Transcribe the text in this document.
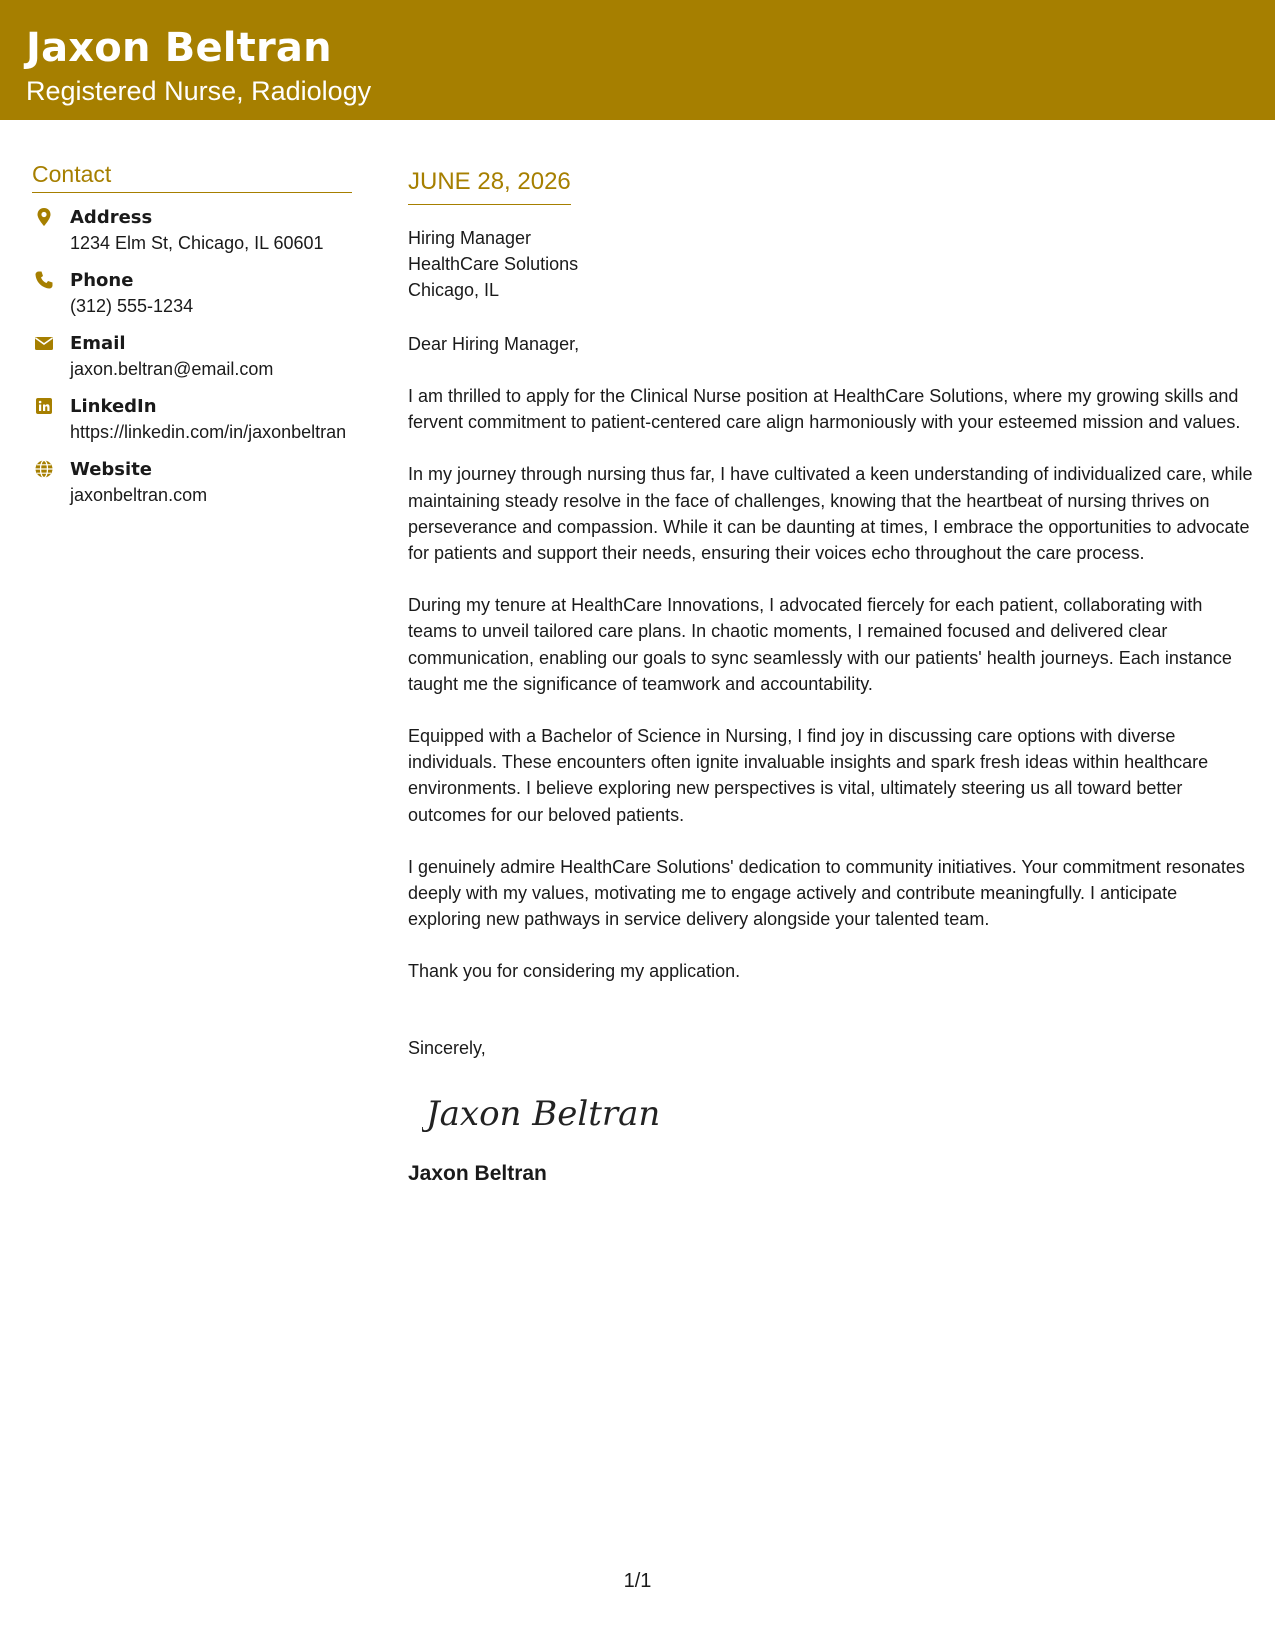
Jaxon Beltran
Registered Nurse, Radiology
Contact
Address
1234 Elm St, Chicago, IL 60601
Phone
(312) 555-1234
Email
jaxon.beltran@email.com
LinkedIn
https://linkedin.com/in/jaxonbeltran
Website
jaxonbeltran.com
JUNE 28, 2026
Hiring Manager
HealthCare Solutions
Chicago, IL
Dear Hiring Manager,
I am thrilled to apply for the Clinical Nurse position at HealthCare Solutions, where my growing skills and fervent commitment to patient-centered care align harmoniously with your esteemed mission and values.
In my journey through nursing thus far, I have cultivated a keen understanding of individualized care, while maintaining steady resolve in the face of challenges, knowing that the heartbeat of nursing thrives on perseverance and compassion. While it can be daunting at times, I embrace the opportunities to advocate for patients and support their needs, ensuring their voices echo throughout the care process.
During my tenure at HealthCare Innovations, I advocated fiercely for each patient, collaborating with teams to unveil tailored care plans. In chaotic moments, I remained focused and delivered clear communication, enabling our goals to sync seamlessly with our patients' health journeys. Each instance taught me the significance of teamwork and accountability.
Equipped with a Bachelor of Science in Nursing, I find joy in discussing care options with diverse individuals. These encounters often ignite invaluable insights and spark fresh ideas within healthcare environments. I believe exploring new perspectives is vital, ultimately steering us all toward better outcomes for our beloved patients.
I genuinely admire HealthCare Solutions' dedication to community initiatives. Your commitment resonates deeply with my values, motivating me to engage actively and contribute meaningfully. I anticipate exploring new pathways in service delivery alongside your talented team.
Thank you for considering my application.
Sincerely,
Jaxon Beltran
Jaxon Beltran
1/1
